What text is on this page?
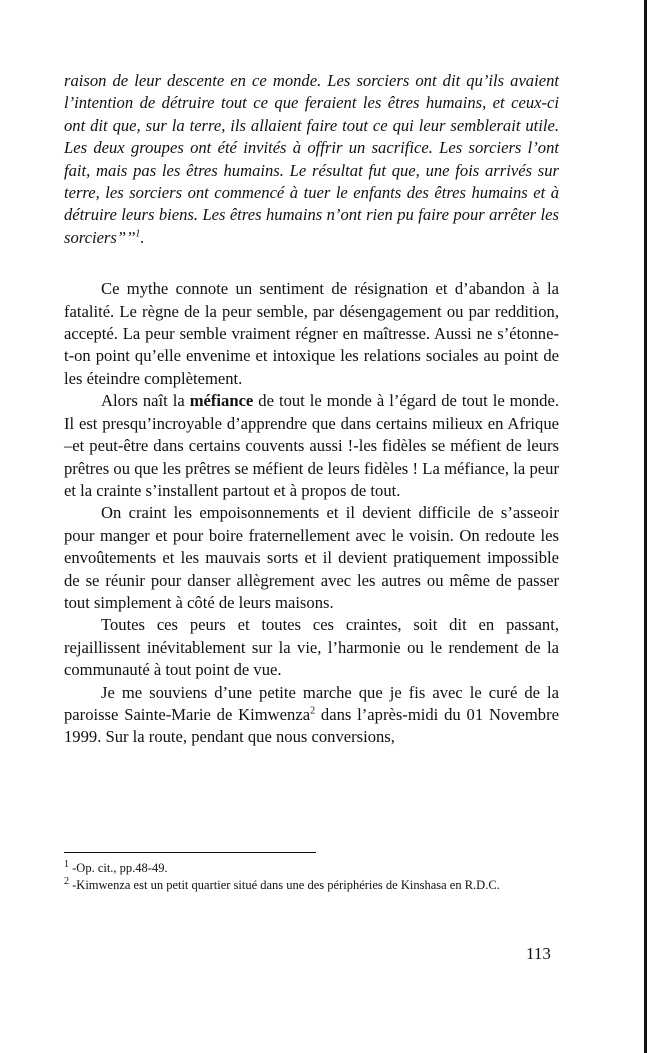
raison de leur descente en ce monde. Les sorciers ont dit qu’ils avaient l’intention de détruire tout ce que feraient les êtres humains, et ceux-ci ont dit que, sur la terre, ils allaient faire tout ce qui leur semblerait utile. Les deux groupes ont été invités à offrir un sacrifice. Les sorciers l’ont fait, mais pas les êtres humains. Le résultat fut que, une fois arrivés sur terre, les sorciers ont commencé à tuer le enfants des êtres humains et à détruire leurs biens. Les êtres humains n’ont rien pu faire pour arrêter les sorciers”’’$^1$.

Ce mythe connote un sentiment de résignation et d’abandon à la fatalité. Le règne de la peur semble, par désengagement ou par reddition, accepté. La peur semble vraiment régner en maîtresse. Aussi ne s’étonne-t-on point qu’elle envenime et intoxique les relations sociales au point de les éteindre complètement.

Alors naît la méfiance de tout le monde à l’égard de tout le monde. Il est presqu’incroyable d’apprendre que dans certains milieux en Afrique –et peut-être dans certains couvents aussi !-les fidèles se méfient de leurs prêtres ou que les prêtres se méfient de leurs fidèles ! La méfiance, la peur et la crainte s’installent partout et à propos de tout.

On craint les empoisonnements et il devient difficile de s’asseoir pour manger et pour boire fraternellement avec le voisin. On redoute les envoûtements et les mauvais sorts et il devient pratiquement impossible de se réunir pour danser allègrement avec les autres ou même de passer tout simplement à côté de leurs maisons.

Toutes ces peurs et toutes ces craintes, soit dit en passant, rejaillissent inévitablement sur la vie, l’harmonie ou le rendement de la communauté à tout point de vue.

Je me souviens d’une petite marche que je fis avec le curé de la paroisse Sainte-Marie de Kimwenza$^2$ dans l’après-midi du 01 Novembre 1999. Sur la route, pendant que nous conversions,

$^1$ -Op. cit., pp.48-49.

$^2$ -Kimwenza est un petit quartier situé dans une des périphéries de Kinshasa en R.D.C.

113
